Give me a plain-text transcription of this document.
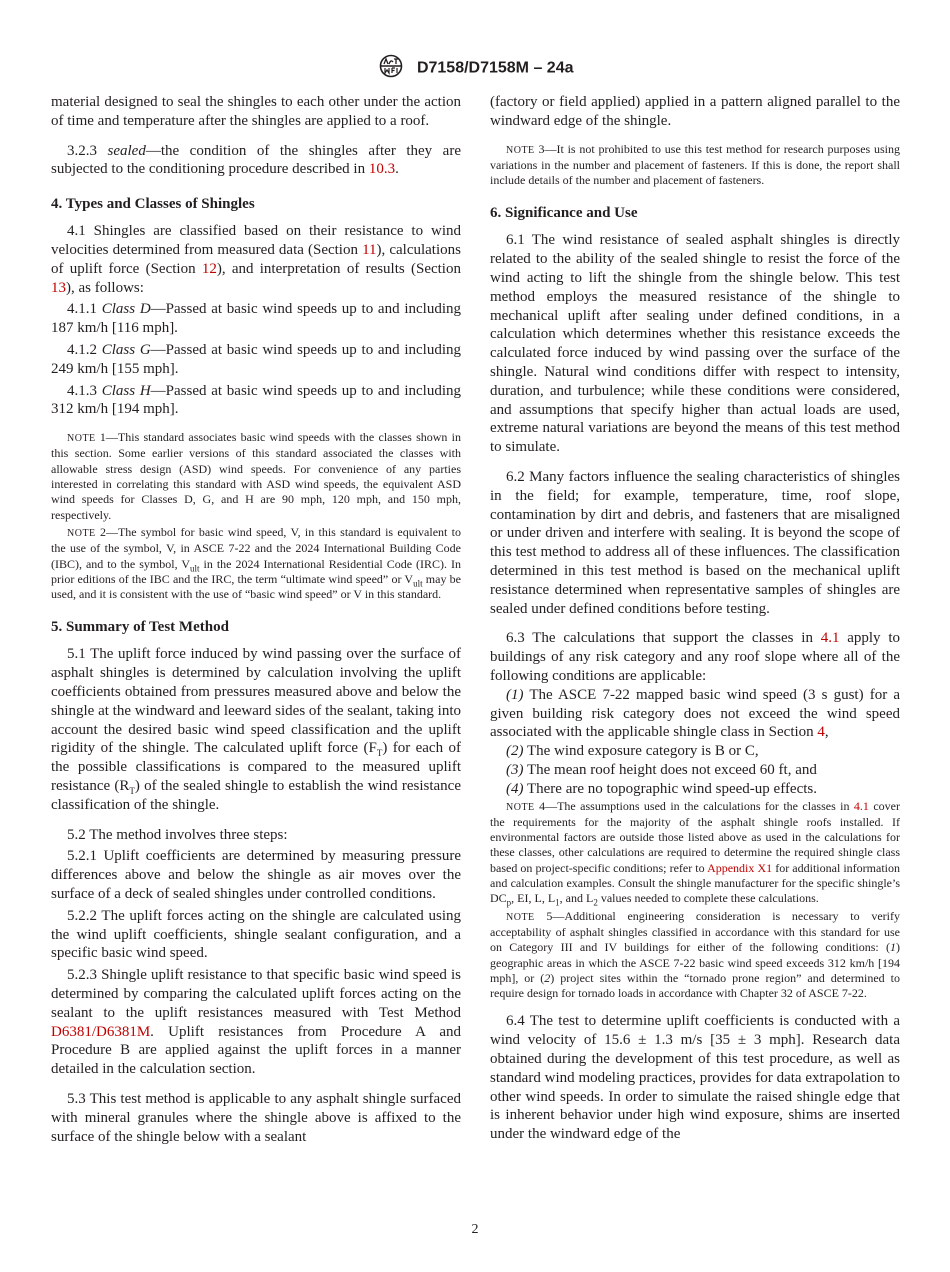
D7158/D7158M – 24a

material designed to seal the shingles to each other under the action of time and temperature after the shingles are applied to a roof.

3.2.3 sealed—the condition of the shingles after they are subjected to the conditioning procedure described in 10.3.

4. Types and Classes of Shingles

4.1 Shingles are classified based on their resistance to wind velocities determined from measured data (Section 11), calculations of uplift force (Section 12), and interpretation of results (Section 13), as follows:

4.1.1 Class D—Passed at basic wind speeds up to and including 187 km/h [116 mph].

4.1.2 Class G—Passed at basic wind speeds up to and including 249 km/h [155 mph].

4.1.3 Class H—Passed at basic wind speeds up to and including 312 km/h [194 mph].

NOTE 1—This standard associates basic wind speeds with the classes shown in this section. Some earlier versions of this standard associated the classes with allowable stress design (ASD) wind speeds. For convenience of any parties interested in correlating this standard with ASD wind speeds, the equivalent ASD wind speeds for Classes D, G, and H are 90 mph, 120 mph, and 150 mph, respectively.

NOTE 2—The symbol for basic wind speed, V, in this standard is equivalent to the use of the symbol, V, in ASCE 7-22 and the 2024 International Building Code (IBC), and to the symbol, $V_{ult}$ in the 2024 International Residential Code (IRC). In prior editions of the IBC and the IRC, the term “ultimate wind speed” or $V_{ult}$ may be used, and it is consistent with the use of “basic wind speed” or V in this standard.

5. Summary of Test Method

5.1 The uplift force induced by wind passing over the surface of asphalt shingles is determined by calculation involving the uplift coefficients obtained from pressures measured above and below the shingle at the windward and leeward sides of the sealant, taking into account the desired basic wind speed classification and the uplift rigidity of the shingle. The calculated uplift force $(F_T)$ for each of the possible classifications is compared to the measured uplift resistance $(R_T)$ of the sealed shingle to establish the wind resistance classification of the shingle.

5.2 The method involves three steps:

5.2.1 Uplift coefficients are determined by measuring pressure differences above and below the shingle as air moves over the surface of a deck of sealed shingles under controlled conditions.

5.2.2 The uplift forces acting on the shingle are calculated using the wind uplift coefficients, shingle sealant configuration, and a specific basic wind speed.

5.2.3 Shingle uplift resistance to that specific basic wind speed is determined by comparing the calculated uplift forces acting on the sealant to the uplift resistances measured with Test Method D6381/D6381M. Uplift resistances from Procedure A and Procedure B are applied against the uplift forces in a manner detailed in the calculation section.

5.3 This test method is applicable to any asphalt shingle surfaced with mineral granules where the shingle above is affixed to the surface of the shingle below with a sealant

(factory or field applied) applied in a pattern aligned parallel to the windward edge of the shingle.

NOTE 3—It is not prohibited to use this test method for research purposes using variations in the number and placement of fasteners. If this is done, the report shall include details of the number and placement of fasteners.

6. Significance and Use

6.1 The wind resistance of sealed asphalt shingles is directly related to the ability of the sealed shingle to resist the force of the wind acting to lift the shingle from the shingle below. This test method employs the measured resistance of the shingle to mechanical uplift after sealing under defined conditions, in a calculation which determines whether this resistance exceeds the calculated force induced by wind passing over the surface of the shingle. Natural wind conditions differ with respect to intensity, duration, and turbulence; while these conditions were considered, and assumptions that specify higher than actual loads are used, extreme natural variations are beyond the means of this test method to simulate.

6.2 Many factors influence the sealing characteristics of shingles in the field; for example, temperature, time, roof slope, contamination by dirt and debris, and fasteners that are misaligned or under driven and interfere with sealing. It is beyond the scope of this test method to address all of these influences. The classification determined in this test method is based on the mechanical uplift resistance determined when representative samples of shingles are sealed under defined conditions before testing.

6.3 The calculations that support the classes in 4.1 apply to buildings of any risk category and any roof slope where all of the following conditions are applicable:

(1) The ASCE 7-22 mapped basic wind speed (3 s gust) for a given building risk category does not exceed the wind speed associated with the applicable shingle class in Section 4,

(2) The wind exposure category is B or C,

(3) The mean roof height does not exceed 60 ft, and

(4) There are no topographic wind speed-up effects.

NOTE 4—The assumptions used in the calculations for the classes in 4.1 cover the requirements for the majority of the asphalt shingle roofs installed. If environmental factors are outside those listed above as used in the calculations for these classes, other calculations are required to determine the required shingle class based on project-specific conditions; refer to Appendix X1 for additional information and calculation examples. Consult the shingle manufacturer for the specific shingle’s $DC_p$, EI, L, $L_1$, and $L_2$ values needed to complete these calculations.

NOTE 5—Additional engineering consideration is necessary to verify acceptability of asphalt shingles classified in accordance with this standard for use on Category III and IV buildings for either of the following conditions: (1) geographic areas in which the ASCE 7-22 basic wind speed exceeds 312 km/h [194 mph], or (2) project sites within the “tornado prone region” and determined to require design for tornado loads in accordance with Chapter 32 of ASCE 7-22.

6.4 The test to determine uplift coefficients is conducted with a wind velocity of 15.6 ± 1.3 m/s [35 ± 3 mph]. Research data obtained during the development of this test procedure, as well as standard wind modeling practices, provides for data extrapolation to other wind speeds. In order to simulate the raised shingle edge that is inherent behavior under high wind exposure, shims are inserted under the windward edge of the

2
